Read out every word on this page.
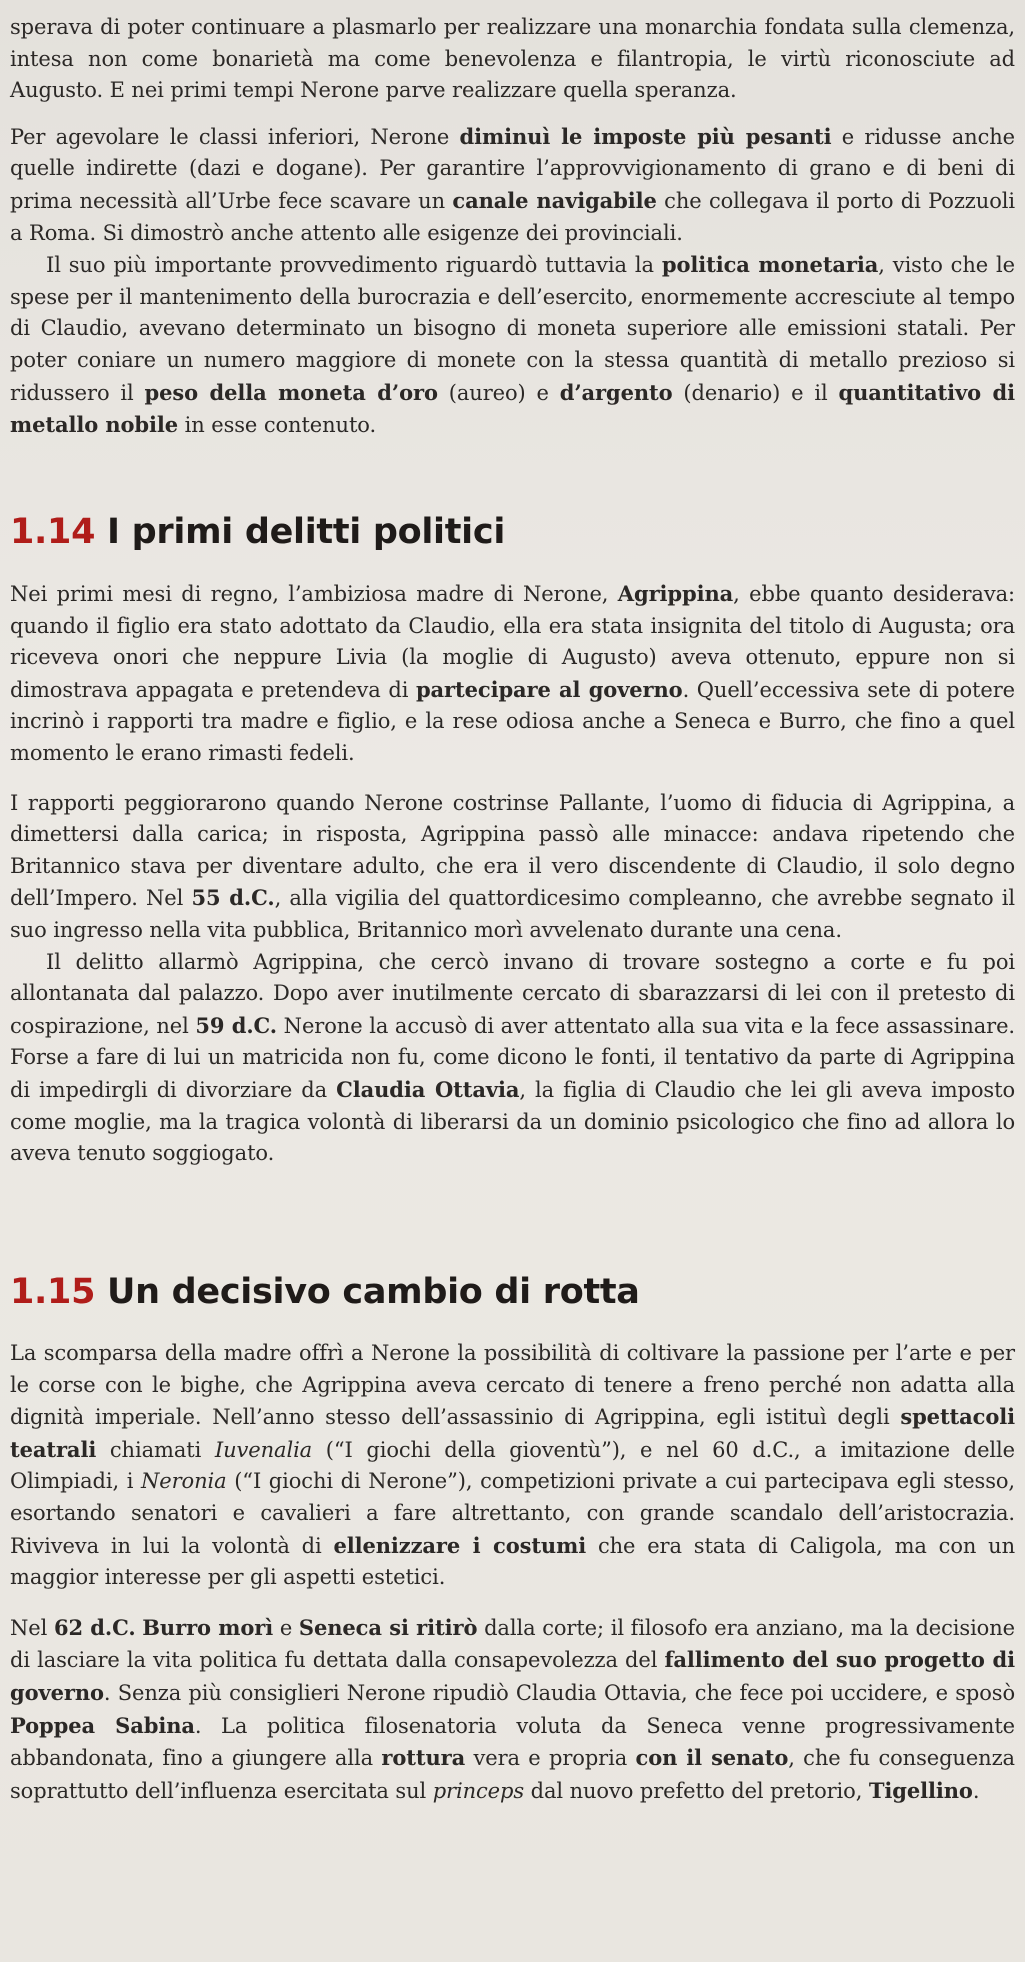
sperava di poter continuare a plasmarlo per realizzare una monarchia fondata sulla clemenza, intesa non come bonarietà ma come benevolenza e filantropia, le virtù riconosciute ad Augusto. E nei primi tempi Nerone parve realizzare quella speranza.

Per agevolare le classi inferiori, Nerone diminuì le imposte più pesanti e ridusse anche quelle indirette (dazi e dogane). Per garantire l’approvvigionamento di grano e di beni di prima necessità all’Urbe fece scavare un canale navigabile che collegava il porto di Pozzuoli a Roma. Si dimostrò anche attento alle esigenze dei provinciali.

Il suo più importante provvedimento riguardò tuttavia la politica monetaria, visto che le spese per il mantenimento della burocrazia e dell’esercito, enormemente accresciute al tempo di Claudio, avevano determinato un bisogno di moneta superiore alle emissioni statali. Per poter coniare un numero maggiore di monete con la stessa quantità di metallo prezioso si ridussero il peso della moneta d’oro (aureo) e d’argento (denario) e il quantitativo di metallo nobile in esse contenuto.

1.14 I primi delitti politici

Nei primi mesi di regno, l’ambiziosa madre di Nerone, Agrippina, ebbe quanto desiderava: quando il figlio era stato adottato da Claudio, ella era stata insignita del titolo di Augusta; ora riceveva onori che neppure Livia (la moglie di Augusto) aveva ottenuto, eppure non si dimostrava appagata e pretendeva di partecipare al governo. Quell’eccessiva sete di potere incrinò i rapporti tra madre e figlio, e la rese odiosa anche a Seneca e Burro, che fino a quel momento le erano rimasti fedeli.

I rapporti peggiorarono quando Nerone costrinse Pallante, l’uomo di fiducia di Agrippina, a dimettersi dalla carica; in risposta, Agrippina passò alle minacce: andava ripetendo che Britannico stava per diventare adulto, che era il vero discendente di Claudio, il solo degno dell’Impero. Nel 55 d.C., alla vigilia del quattordicesimo compleanno, che avrebbe segnato il suo ingresso nella vita pubblica, Britannico morì avvelenato durante una cena.

Il delitto allarmò Agrippina, che cercò invano di trovare sostegno a corte e fu poi allontanata dal palazzo. Dopo aver inutilmente cercato di sbarazzarsi di lei con il pretesto di cospirazione, nel 59 d.C. Nerone la accusò di aver attentato alla sua vita e la fece assassinare. Forse a fare di lui un matricida non fu, come dicono le fonti, il tentativo da parte di Agrippina di impedirgli di divorziare da Claudia Ottavia, la figlia di Claudio che lei gli aveva imposto come moglie, ma la tragica volontà di liberarsi da un dominio psicologico che fino ad allora lo aveva tenuto soggiogato.

1.15 Un decisivo cambio di rotta

La scomparsa della madre offrì a Nerone la possibilità di coltivare la passione per l’arte e per le corse con le bighe, che Agrippina aveva cercato di tenere a freno perché non adatta alla dignità imperiale. Nell’anno stesso dell’assassinio di Agrippina, egli istituì degli spettacoli teatrali chiamati Iuvenalia (“I giochi della gioventù”), e nel 60 d.C., a imitazione delle Olimpiadi, i Neronia (“I giochi di Nerone”), competizioni private a cui partecipava egli stesso, esortando senatori e cavalieri a fare altrettanto, con grande scandalo dell’aristocrazia. Riviveva in lui la volontà di ellenizzare i costumi che era stata di Caligola, ma con un maggior interesse per gli aspetti estetici.

Nel 62 d.C. Burro morì e Seneca si ritirò dalla corte; il filosofo era anziano, ma la decisione di lasciare la vita politica fu dettata dalla consapevolezza del fallimento del suo progetto di governo. Senza più consiglieri Nerone ripudiò Claudia Ottavia, che fece poi uccidere, e sposò Poppea Sabina. La politica filosenatoria voluta da Seneca venne progressivamente abbandonata, fino a giungere alla rottura vera e propria con il senato, che fu conseguenza soprattutto dell’influenza esercitata sul princeps dal nuovo prefetto del pretorio, Tigellino.
